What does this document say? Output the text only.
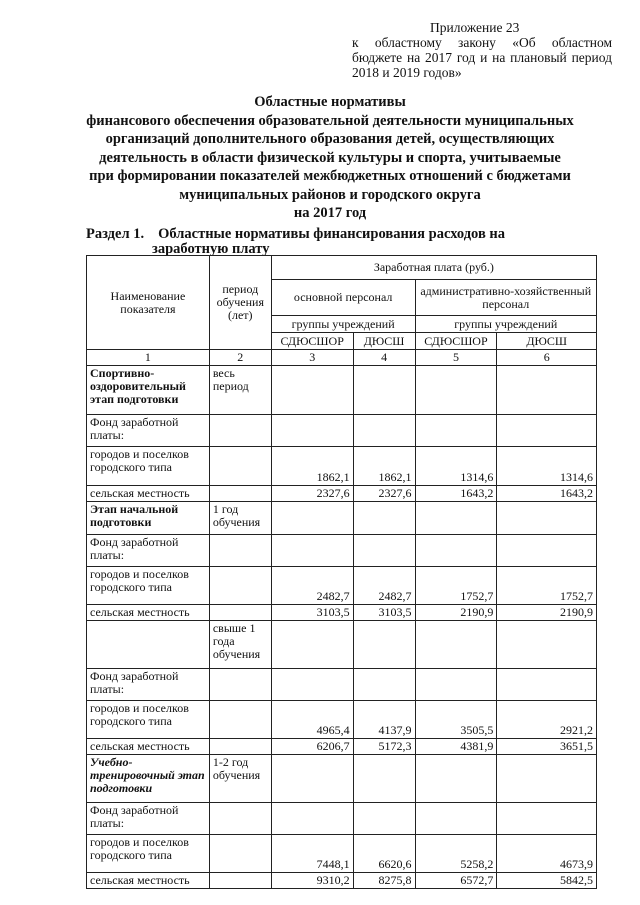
Приложение 23
к областному закону «Об областном бюджете на 2017 год и на плановый период 2018 и 2019 годов»
Областные нормативы
финансового обеспечения образовательной деятельности муниципальных
организаций дополнительного образования детей, осуществляющих
деятельность в области физической культуры и спорта, учитываемые
при формировании показателей межбюджетных отношений с бюджетами
муниципальных районов и городского округа
на 2017 год
Раздел 1. Областные нормативы финансирования расходов на
заработную плату
Наименование показателя	период обучения (лет)	Заработная плата (руб.)			
		основной персонал		административно-хозяйственный персонал	
		группы учреждений		группы учреждений	
		СДЮСШОР	ДЮСШ	СДЮСШОР	ДЮСШ
1	2	3	4	5	6
Спортивно-оздоровительный этап подготовки	весь период				
Фонд заработной платы:					
городов и поселков городского типа		1862,1	1862,1	1314,6	1314,6
сельская местность		2327,6	2327,6	1643,2	1643,2
Этап начальной подготовки	1 год обучения				
Фонд заработной платы:					
городов и поселков городского типа		2482,7	2482,7	1752,7	1752,7
сельская местность		3103,5	3103,5	2190,9	2190,9
	свыше 1 года обучения				
Фонд заработной платы:					
городов и поселков городского типа		4965,4	4137,9	3505,5	2921,2
сельская местность		6206,7	5172,3	4381,9	3651,5
Учебно-тренировочный этап подготовки	1-2 год обучения				
Фонд заработной платы:					
городов и поселков городского типа		7448,1	6620,6	5258,2	4673,9
сельская местность		9310,2	8275,8	6572,7	5842,5
